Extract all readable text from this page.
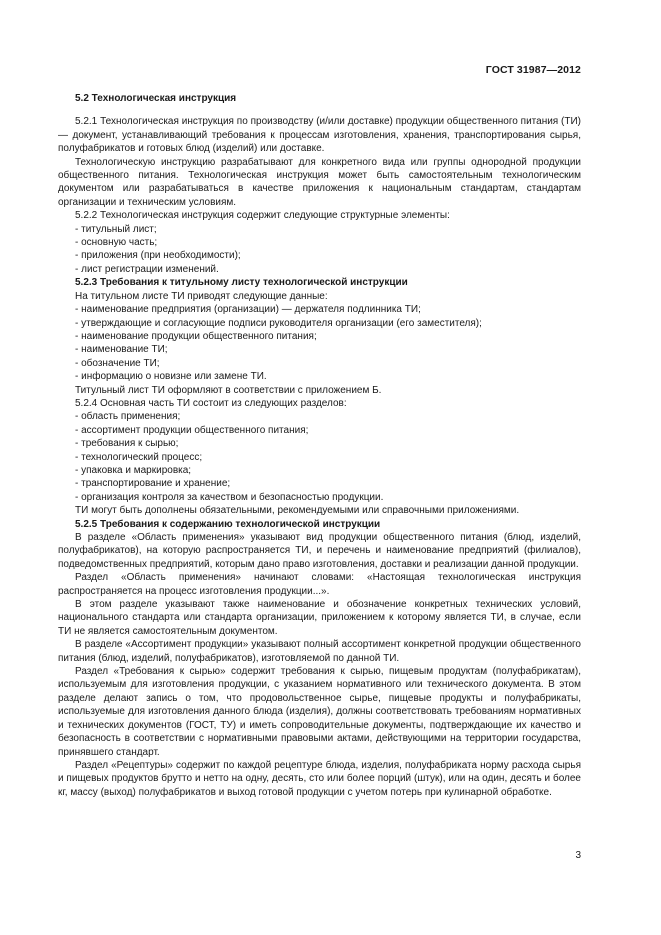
ГОСТ 31987—2012

5.2 Технологическая инструкция

5.2.1 Технологическая инструкция по производству (и/или доставке) продукции общественного питания (ТИ) — документ, устанавливающий требования к процессам изготовления, хранения, транспортирования сырья, полуфабрикатов и готовых блюд (изделий) или доставке.

Технологическую инструкцию разрабатывают для конкретного вида или группы однородной продукции общественного питания. Технологическая инструкция может быть самостоятельным технологическим документом или разрабатываться в качестве приложения к национальным стандартам, стандартам организации и техническим условиям.

5.2.2 Технологическая инструкция содержит следующие структурные элементы:

- титульный лист;

- основную часть;

- приложения (при необходимости);

- лист регистрации изменений.

5.2.3 Требования к титульному листу технологической инструкции

На титульном листе ТИ приводят следующие данные:

- наименование предприятия (организации) — держателя подлинника ТИ;

- утверждающие и согласующие подписи руководителя организации (его заместителя);

- наименование продукции общественного питания;

- наименование ТИ;

- обозначение ТИ;

- информацию о новизне или замене ТИ.

Титульный лист ТИ оформляют в соответствии с приложением Б.

5.2.4 Основная часть ТИ состоит из следующих разделов:

- область применения;

- ассортимент продукции общественного питания;

- требования к сырью;

- технологический процесс;

- упаковка и маркировка;

- транспортирование и хранение;

- организация контроля за качеством и безопасностью продукции.

ТИ могут быть дополнены обязательными, рекомендуемыми или справочными приложениями.

5.2.5 Требования к содержанию технологической инструкции

В разделе «Область применения» указывают вид продукции общественного питания (блюд, изделий, полуфабрикатов), на которую распространяется ТИ, и перечень и наименование предприятий (филиалов), подведомственных предприятий, которым дано право изготовления, доставки и реализации данной продукции.

Раздел «Область применения» начинают словами: «Настоящая технологическая инструкция распространяется на процесс изготовления продукции...».

В этом разделе указывают также наименование и обозначение конкретных технических условий, национального стандарта или стандарта организации, приложением к которому является ТИ, в случае, если ТИ не является самостоятельным документом.

В разделе «Ассортимент продукции» указывают полный ассортимент конкретной продукции общественного питания (блюд, изделий, полуфабрикатов), изготовляемой по данной ТИ.

Раздел «Требования к сырью» содержит требования к сырью, пищевым продуктам (полуфабрикатам), используемым для изготовления продукции, с указанием нормативного или технического документа. В этом разделе делают запись о том, что продовольственное сырье, пищевые продукты и полуфабрикаты, используемые для изготовления данного блюда (изделия), должны соответствовать требованиям нормативных и технических документов (ГОСТ, ТУ) и иметь сопроводительные документы, подтверждающие их качество и безопасность в соответствии с нормативными правовыми актами, действующими на территории государства, принявшего стандарт.

Раздел «Рецептуры» содержит по каждой рецептуре блюда, изделия, полуфабриката норму расхода сырья и пищевых продуктов брутто и нетто на одну, десять, сто или более порций (штук), или на один, десять и более кг, массу (выход) полуфабрикатов и выход готовой продукции с учетом потерь при кулинарной обработке.

3
